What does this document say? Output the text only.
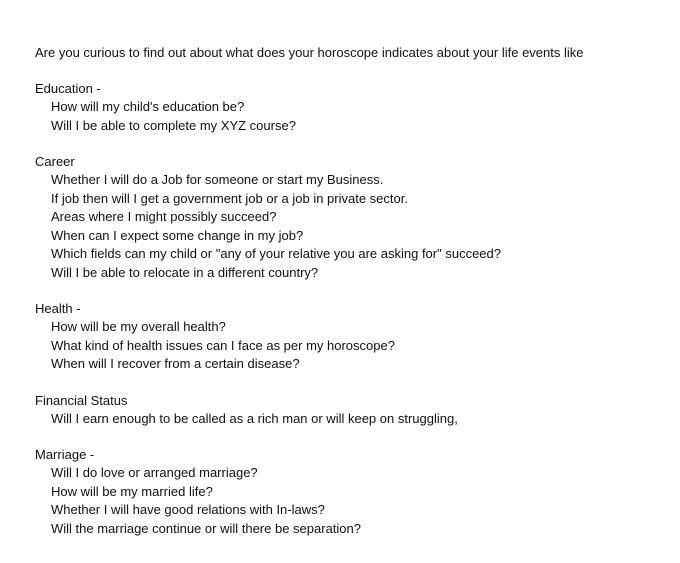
Are you curious to find out about what does your horoscope indicates about your life events like

Education -

How will my child's education be?
Will I be able to complete my XYZ course?

Career

Whether I will do a Job for someone or start my Business.
If job then will I get a government job or a job in private sector.
Areas where I might possibly succeed?
When can I expect some change in my job?
Which fields can my child or "any of your relative you are asking for" succeed?
Will I be able to relocate in a different country?

Health -

How will be my overall health?
What kind of health issues can I face as per my horoscope?
When will I recover from a certain disease?

Financial Status

Will I earn enough to be called as a rich man or will keep on struggling,

Marriage -

Will I do love or arranged marriage?
How will be my married life?
Whether I will have good relations with In-laws?
Will the marriage continue or will there be separation?
